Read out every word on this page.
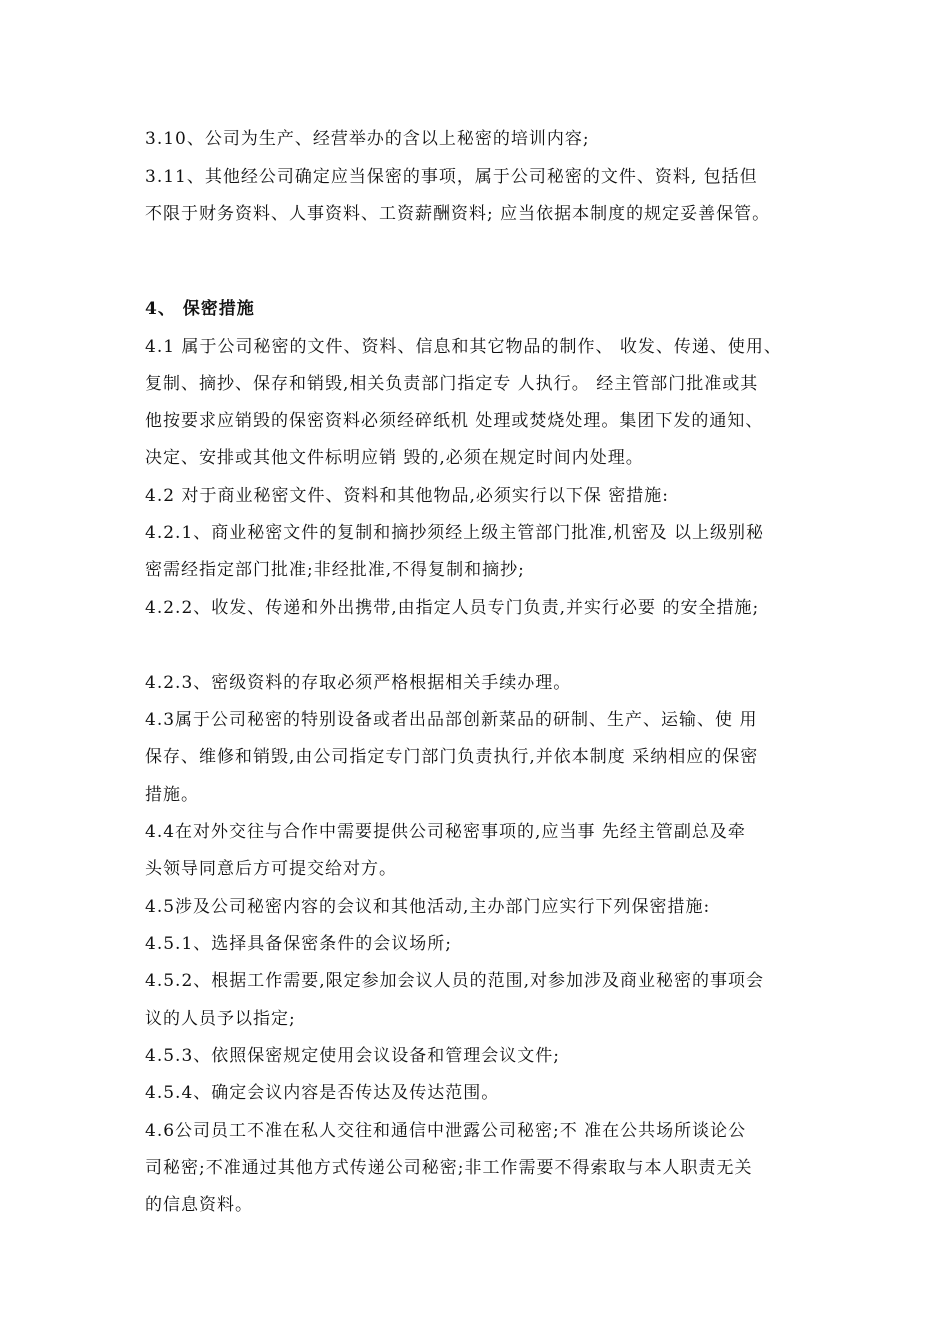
3.10、公司为生产、经营举办的含以上秘密的培训内容;
3.11、其他经公司确定应当保密的事项，属于公司秘密的文件、资料, 包括但
不限于财务资料、人事资料、工资薪酬资料; 应当依据本制度的规定妥善保管。
4、 保密措施
4.1 属于公司秘密的文件、资料、信息和其它物品的制作、 收发、传递、使用、
复制、摘抄、保存和销毁,相关负责部门指定专 人执行。 经主管部门批准或其
他按要求应销毁的保密资料必须经碎纸机 处理或焚烧处理。集团下发的通知、
决定、安排或其他文件标明应销 毁的,必须在规定时间内处理。
4.2 对于商业秘密文件、资料和其他物品,必须实行以下保 密措施:
4.2.1、商业秘密文件的复制和摘抄须经上级主管部门批准,机密及 以上级别秘
密需经指定部门批准;非经批准,不得复制和摘抄;
4.2.2、收发、传递和外出携带,由指定人员专门负责,并实行必要 的安全措施;
4.2.3、密级资料的存取必须严格根据相关手续办理。
4.3属于公司秘密的特别设备或者出品部创新菜品的研制、生产、运输、使 用
保存、维修和销毁,由公司指定专门部门负责执行,并依本制度 采纳相应的保密
措施。
4.4在对外交往与合作中需要提供公司秘密事项的,应当事 先经主管副总及牵
头领导同意后方可提交给对方。
4.5涉及公司秘密内容的会议和其他活动,主办部门应实行下列保密措施:
4.5.1、选择具备保密条件的会议场所;
4.5.2、根据工作需要,限定参加会议人员的范围,对参加涉及商业秘密的事项会
议的人员予以指定;
4.5.3、依照保密规定使用会议设备和管理会议文件;
4.5.4、确定会议内容是否传达及传达范围。
4.6公司员工不准在私人交往和通信中泄露公司秘密;不 准在公共场所谈论公
司秘密;不准通过其他方式传递公司秘密;非工作需要不得索取与本人职责无关
的信息资料。
